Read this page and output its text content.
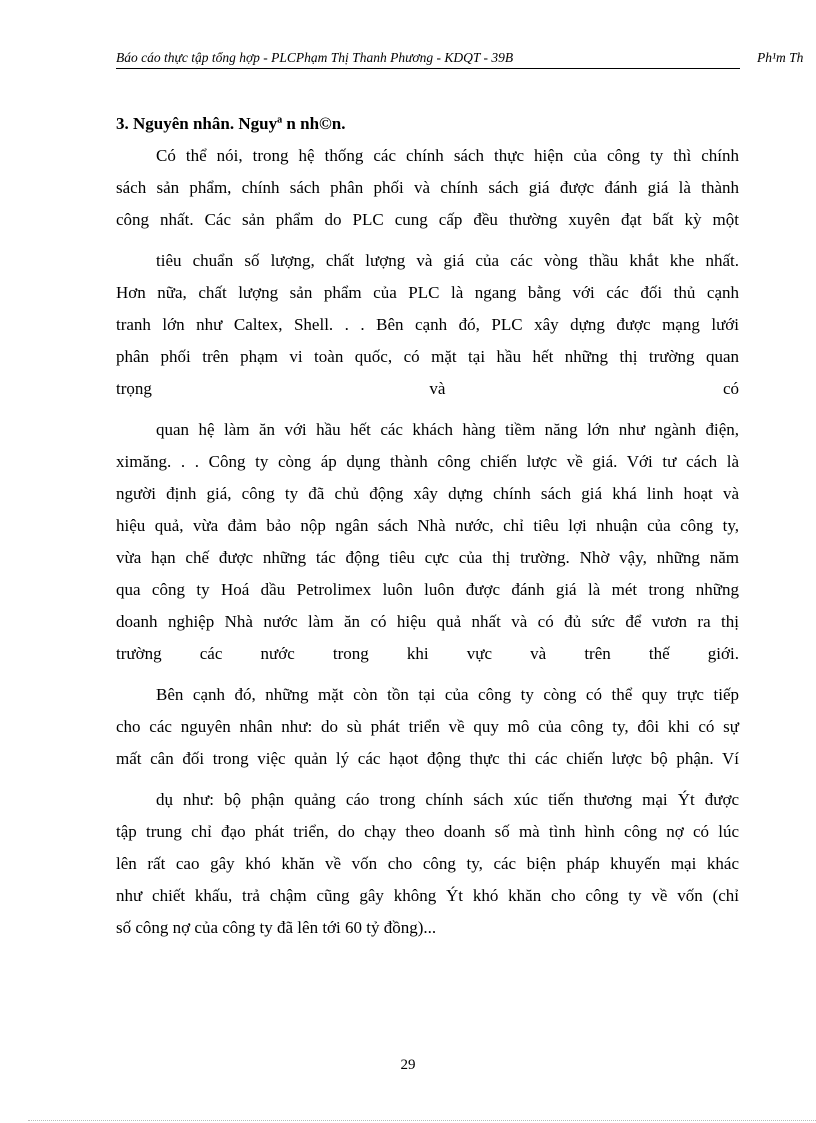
Báo cáo thực tập tổng hợp - PLCPhạm Thị Thanh Phương - KDQT - 39B	Ph¹m Th
3. Nguyên nhân. Nguyª n nh©n.
Có thể nói, trong hệ thống các chính sách thực hiện của công ty thì chính
sách sản phẩm, chính sách phân phối và chính sách giá được đánh giá là thành
công nhất. Các sản phẩm do PLC cung cấp đều thường xuyên đạt bất kỳ một
tiêu chuẩn số lượng, chất lượng và giá của các vòng thầu khắt khe nhất.
Hơn nữa, chất lượng sản phẩm của PLC là ngang bằng với các đối thủ cạnh
tranh lớn như Caltex, Shell. . . Bên cạnh đó, PLC xây dựng được mạng lưới
phân phối trên phạm vi toàn quốc, có mặt tại hầu hết những thị trường quan
trọng và có
quan hệ làm ăn với hầu hết các khách hàng tiềm năng lớn như ngành điện,
ximăng. . . Công ty còng áp dụng thành công chiến lược về giá. Với tư cách là
người định giá, công ty đã chủ động xây dựng chính sách giá khá linh hoạt và
hiệu quả, vừa đảm bảo nộp ngân sách Nhà nước, chỉ tiêu lợi nhuận của công ty,
vừa hạn chế được những tác động tiêu cực của thị trường. Nhờ vậy, những năm
qua công ty Hoá dầu Petrolimex luôn luôn được đánh giá là mét trong những
doanh nghiệp Nhà nước làm ăn có hiệu quả nhất và có đủ sức để vươn ra thị
trường các nước trong khi vực và trên thế giới.
Bên cạnh đó, những mặt còn tồn tại của công ty còng có thể quy trực tiếp
cho các nguyên nhân như: do sù phát triển về quy mô của công ty, đôi khi có sự
mất cân đối trong việc quản lý các hạot động thực thi các chiến lược bộ phận. Ví
dụ như: bộ phận quảng cáo trong chính sách xúc tiến thương mại Ýt được
tập trung chỉ đạo phát triển, do chạy theo doanh số mà tình hình công nợ có lúc
lên rất cao gây khó khăn về vốn cho công ty, các biện pháp khuyến mại khác
như chiết khấu, trả chậm cũng gây không Ýt khó khăn cho công ty về vốn (chỉ
số công nợ của công ty đã lên tới 60 tỷ đồng)...
29
